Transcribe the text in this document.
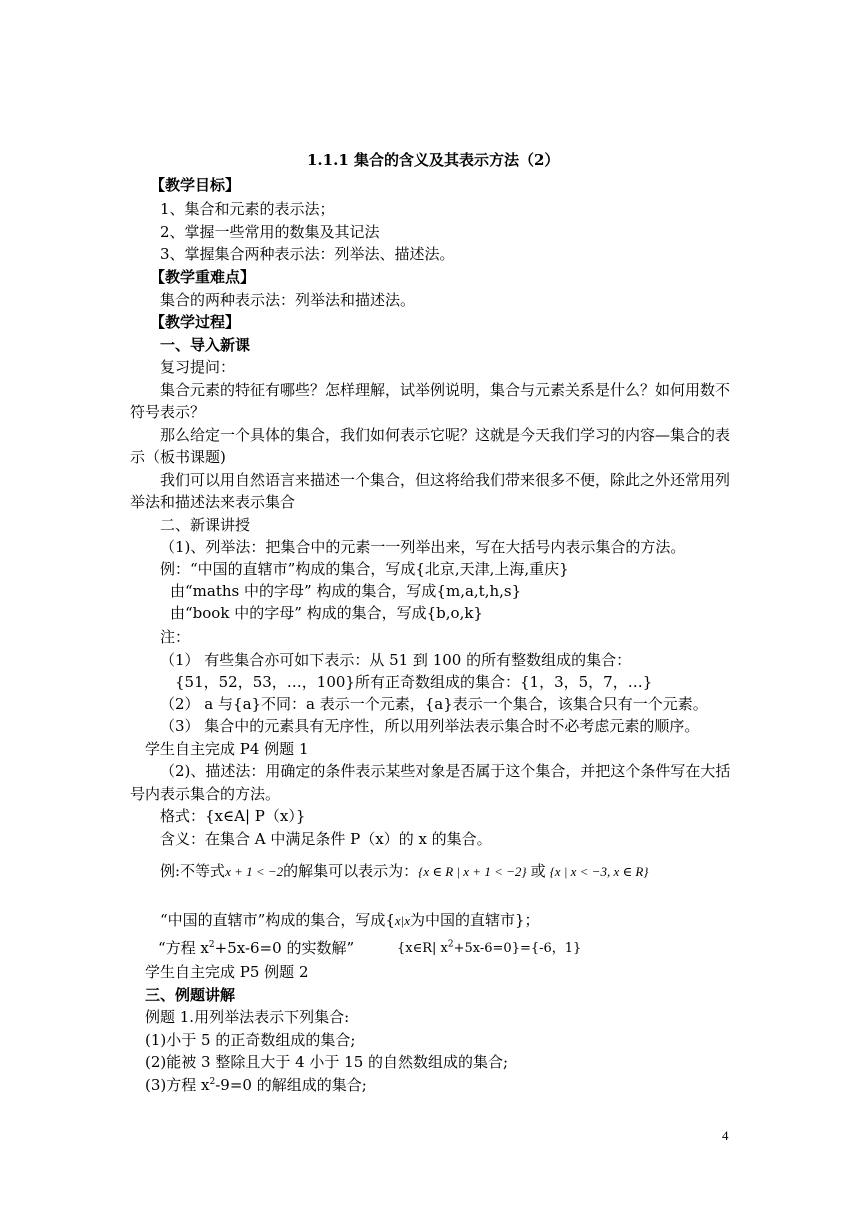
1.1.1 集合的含义及其表示方法（2）
【教学目标】
1、集合和元素的表示法；
2、掌握一些常用的数集及其记法
3、掌握集合两种表示法：列举法、描述法。
【教学重难点】
集合的两种表示法：列举法和描述法。
【教学过程】
一、导入新课
复习提问：
集合元素的特征有哪些？怎样理解，试举例说明，集合与元素关系是什么？如何用数不
符号表示？
那么给定一个具体的集合，我们如何表示它呢？这就是今天我们学习的内容—集合的表
示（板书课题)
我们可以用自然语言来描述一个集合，但这将给我们带来很多不便，除此之外还常用列
举法和描述法来表示集合
二、新课讲授
（1)、列举法：把集合中的元素一一列举出来，写在大括号内表示集合的方法。
例：“中国的直辖市”构成的集合，写成{北京,天津,上海,重庆}
由“maths 中的字母” 构成的集合，写成{m,a,t,h,s}
由“book 中的字母” 构成的集合，写成{b,o,k}
注：
（1） 有些集合亦可如下表示：从 51 到 100 的所有整数组成的集合：
{51，52，53，…，100}所有正奇数组成的集合：{1，3，5，7，…}
（2） a 与{a}不同：a 表示一个元素，{a}表示一个集合，该集合只有一个元素。
（3） 集合中的元素具有无序性，所以用列举法表示集合时不必考虑元素的顺序。
学生自主完成 P4 例题 1
（2)、描述法：用确定的条件表示某些对象是否属于这个集合，并把这个条件写在大括
号内表示集合的方法。
格式：{x∈A| P（x）}
含义：在集合 A 中满足条件 P（x）的 x 的集合。
例:不等式x + 1 < −2的解集可以表示为：{x ∈ R | x + 1 < −2} 或 {x | x < −3, x ∈ R}
“中国的直辖市”构成的集合，写成{x|x为中国的直辖市}；
“方程 $x^2+5x-6=0$ 的实数解”	{x∈R| $x^2+5x-6=0\}=\{-6$，1}
学生自主完成 P5 例题 2
三、例题讲解
例题 1.用列举法表示下列集合:
(1)小于 5 的正奇数组成的集合;
(2)能被 3 整除且大于 4 小于 15 的自然数组成的集合;
(3)方程 $x^2-9=0$ 的解组成的集合;
4
